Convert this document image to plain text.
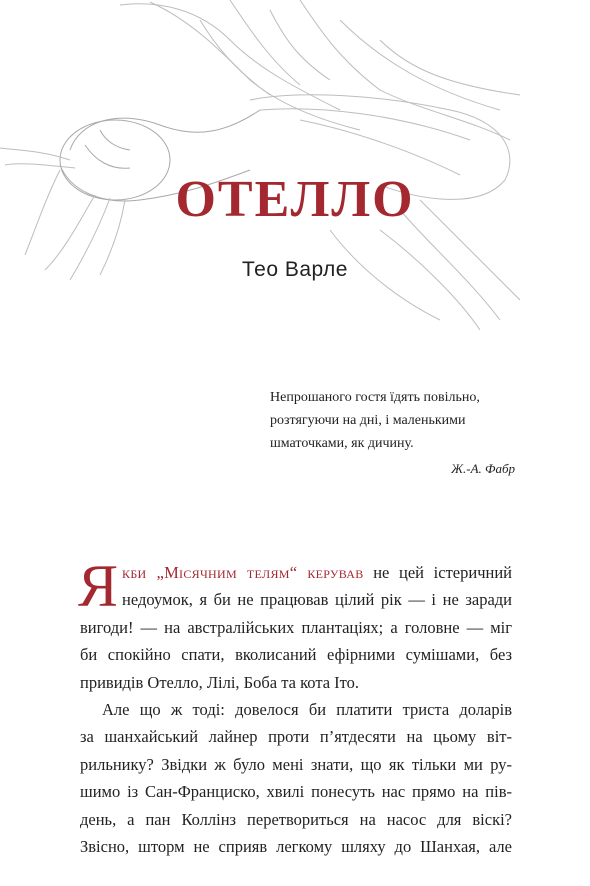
ОТЕЛЛО

Тео Варле

Непрошаного гостя їдять повільно,
розтягуючи на дні, і маленькими
шматочками, як дичину.
Ж.-А. Фабр
Я кби „Місячним телям“ керував не цей істеричний
недоумок, я би не працював цілий рік — і не заради
вигоди! — на австралійських плантаціях; а головне — міг
би спокійно спати, вколисаний ефірними сумішами, без
привидів Отелло, Лілі, Боба та кота Іто.
Але що ж тоді: довелося би платити триста доларів
за шанхайський лайнер проти п’ятдесяти на цьому віт-
рильнику? Звідки ж було мені знати, що як тільки ми ру-
шимо із Сан-Франциско, хвилі понесуть нас прямо на пів-
день, а пан Коллінз перетвориться на насос для віскі?
Звісно, шторм не сприяв легкому шляху до Шанхая, але
